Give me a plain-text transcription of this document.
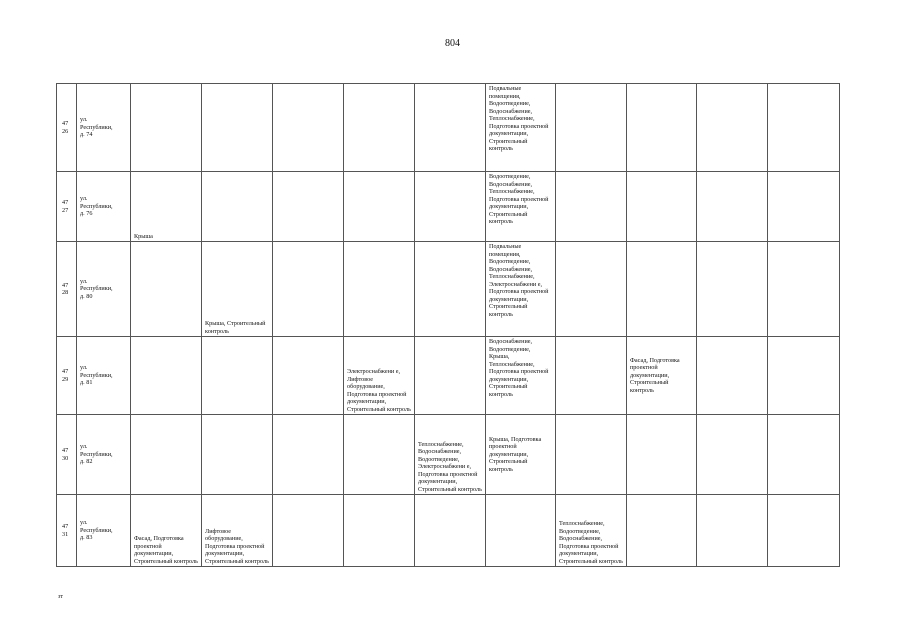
804
47
26	ул.
Республики,
д. 74						Подвальные помещения, Водоотведение, Водоснабжение, Теплоснабжение, Подготовка проектной документации, Строительный контроль				
47
27	ул.
Республики,
д. 76	Крыша					Водоотведение, Водоснабжение, Теплоснабжение, Подготовка проектной документации, Строительный контроль				
47
28	ул.
Республики,
д. 80		Крыша, Строительный контроль				Подвальные помещения, Водоотведение, Водоснабжение, Теплоснабжение, Электроснабжени е, Подготовка проектной документации, Строительный контроль				
47
29	ул.
Республики,
д. 81				Электроснабжени е, Лифтовое оборудование, Подготовка проектной документации, Строительный контроль		Водоснабжение, Водоотведение, Крыша, Теплоснабжение, Подготовка проектной документации, Строительный контроль		Фасад, Подготовка проектной документации, Строительный контроль		
47
30	ул.
Республики,
д. 82					Теплоснабжение, Водоснабжение, Водоотведение, Электроснабжени е, Подготовка проектной документации, Строительный контроль	Крыша, Подготовка проектной документации, Строительный контроль				
47
31	ул.
Республики,
д. 83	Фасад, Подготовка проектной документации, Строительный контроль	Лифтовое оборудование, Подготовка проектной документации, Строительный контроль					Теплоснабжение, Водоотведение, Водоснабжение, Подготовка проектной документации, Строительный контроль			
зт
